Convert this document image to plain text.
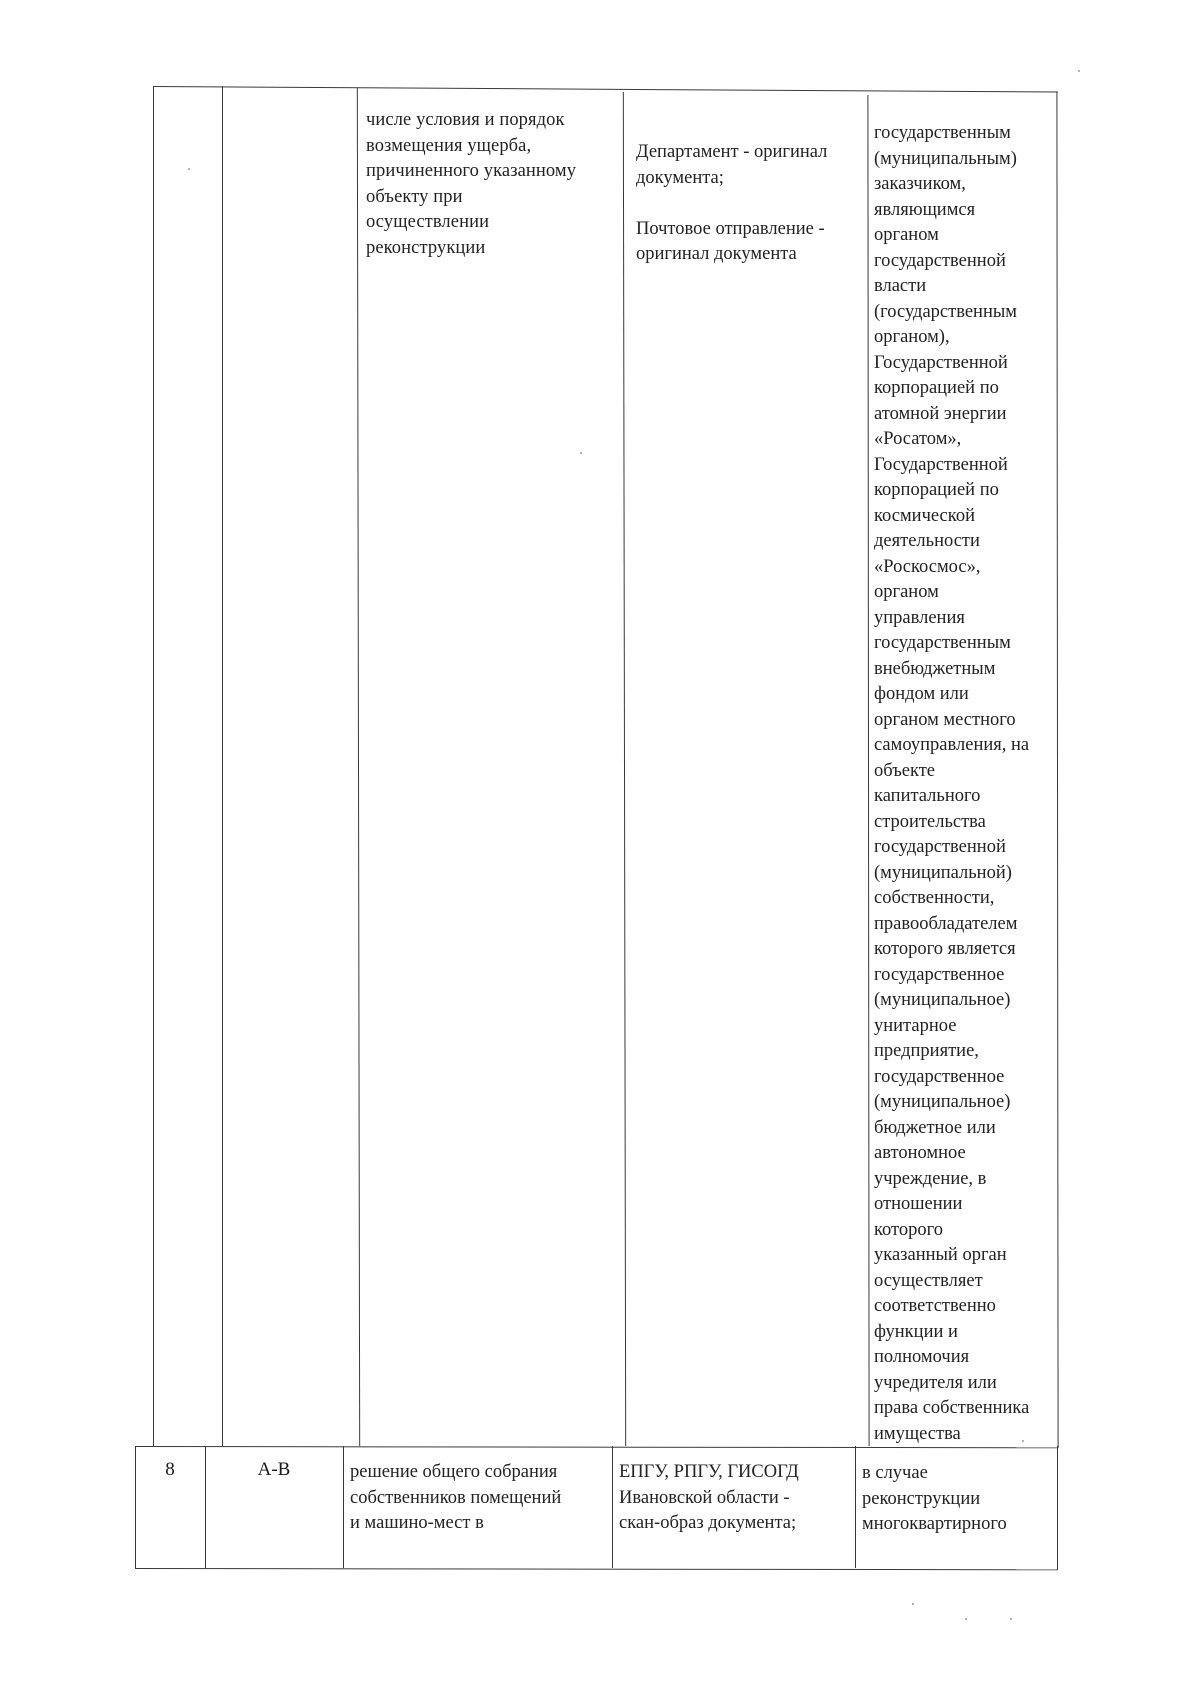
числе условия и порядок
возмещения ущерба,
причиненного указанному
объекту при
осуществлении
реконструкции
Департамент - оригинал
документа;

Почтовое отправление -
оригинал документа
государственным
(муниципальным)
заказчиком,
являющимся
органом
государственной
власти
(государственным
органом),
Государственной
корпорацией по
атомной энергии
«Росатом»,
Государственной
корпорацией по
космической
деятельности
«Роскосмос»,
органом
управления
государственным
внебюджетным
фондом или
органом местного
самоуправления, на
объекте
капитального
строительства
государственной
(муниципальной)
собственности,
правообладателем
которого является
государственное
(муниципальное)
унитарное
предприятие,
государственное
(муниципальное)
бюджетное или
автономное
учреждение, в
отношении
которого
указанный орган
осуществляет
соответственно
функции и
полномочия
учредителя или
права собственника
имущества
8	А-В	решение общего собрания
собственников помещений
и машино-мест в
ЕПГУ, РПГУ, ГИСОГД
Ивановской области -
скан-образ документа;
в случае
реконструкции
многоквартирного
